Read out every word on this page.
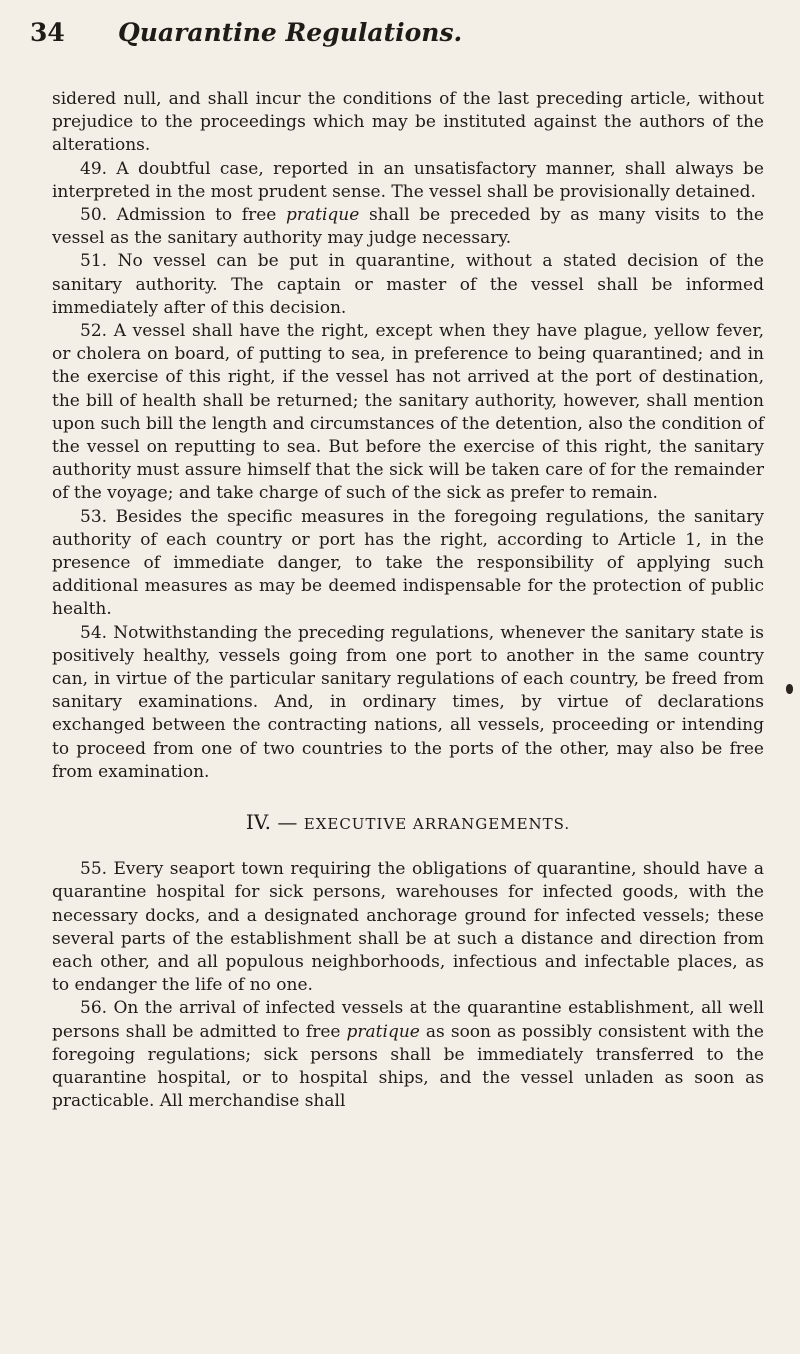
34 Quarantine Regulations.

sidered null, and shall incur the conditions of the last preceding article, without prejudice to the proceedings which may be instituted against the authors of the alterations.

49. A doubtful case, reported in an unsatisfactory manner, shall always be interpreted in the most prudent sense. The vessel shall be provisionally detained.

50. Admission to free pratique shall be preceded by as many visits to the vessel as the sanitary authority may judge necessary.

51. No vessel can be put in quarantine, without a stated decision of the sanitary authority. The captain or master of the vessel shall be informed immediately after of this decision.

52. A vessel shall have the right, except when they have plague, yellow fever, or cholera on board, of putting to sea, in preference to being quarantined; and in the exercise of this right, if the vessel has not arrived at the port of destination, the bill of health shall be returned; the sanitary authority, however, shall mention upon such bill the length and circumstances of the detention, also the condition of the vessel on reputting to sea. But before the exercise of this right, the sanitary authority must assure himself that the sick will be taken care of for the remainder of the voyage; and take charge of such of the sick as prefer to remain.

53. Besides the specific measures in the foregoing regulations, the sanitary authority of each country or port has the right, according to Article 1, in the presence of immediate danger, to take the responsibility of applying such additional measures as may be deemed indispensable for the protection of public health.

54. Notwithstanding the preceding regulations, whenever the sanitary state is positively healthy, vessels going from one port to another in the same country can, in virtue of the particular sanitary regulations of each country, be freed from sanitary examinations. And, in ordinary times, by virtue of declarations exchanged between the contracting nations, all vessels, proceeding or intending to proceed from one of two countries to the ports of the other, may also be free from examination.

IV. — EXECUTIVE ARRANGEMENTS.

55. Every seaport town requiring the obligations of quarantine, should have a quarantine hospital for sick persons, warehouses for infected goods, with the necessary docks, and a designated anchorage ground for infected vessels; these several parts of the establishment shall be at such a distance and direction from each other, and all populous neighborhoods, infectious and infectable places, as to endanger the life of no one.

56. On the arrival of infected vessels at the quarantine establishment, all well persons shall be admitted to free pratique as soon as possibly consistent with the foregoing regulations; sick persons shall be immediately transferred to the quarantine hospital, or to hospital ships, and the vessel unladen as soon as practicable. All merchandise shall
